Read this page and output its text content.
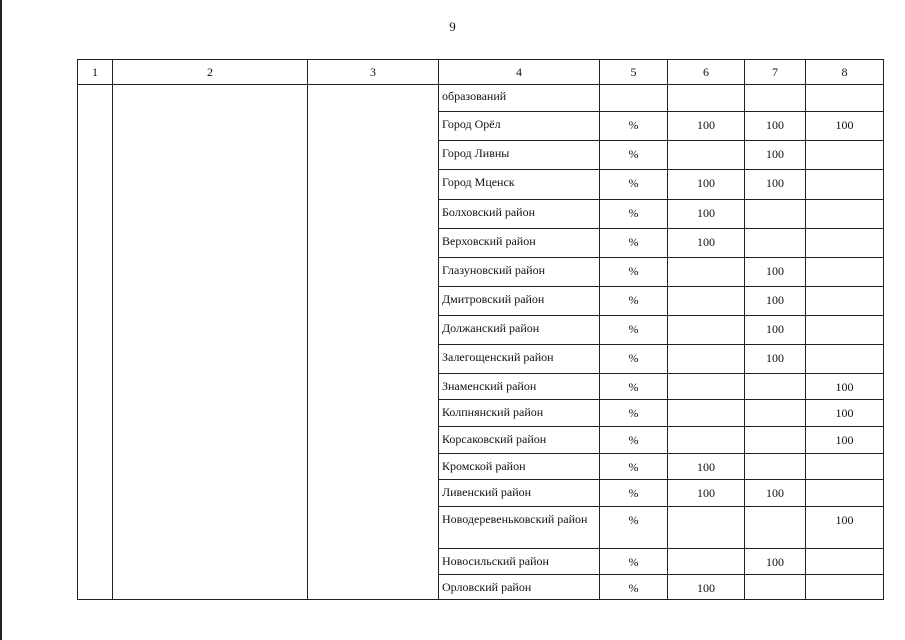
9
1	2	3	4	5	6	7	8
			образований				
			Город Орёл	%	100	100	100
			Город Ливны	%		100	
			Город Мценск	%	100	100	
			Болховский район	%	100		
			Верховский район	%	100		
			Глазуновский район	%		100	
			Дмитровский район	%		100	
			Должанский район	%		100	
			Залегощенский район	%		100	
			Знаменский район	%			100
			Колпнянский район	%			100
			Корсаковский район	%			100
			Кромской район	%	100		
			Ливенский район	%	100	100	
			Новодеревеньковский район	%			100
			Новосильский район	%		100	
			Орловский район	%	100		
